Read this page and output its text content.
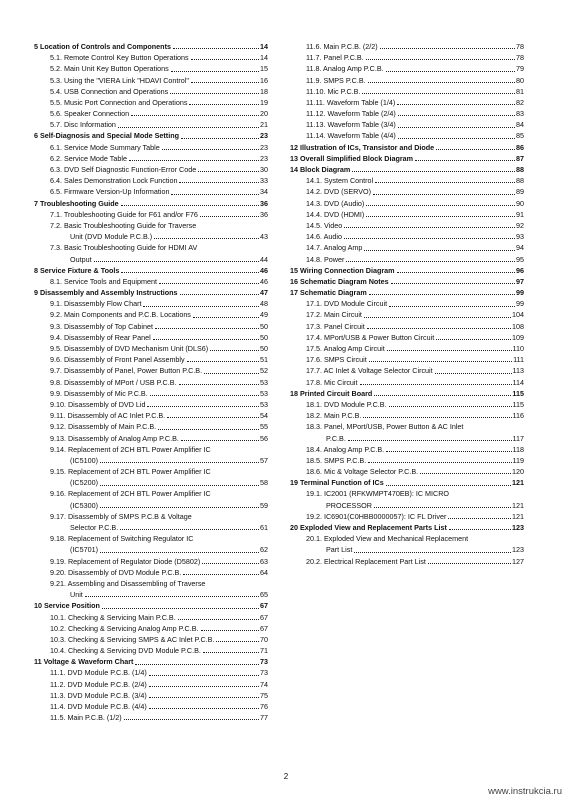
5 Location of Controls and Components	14
5.1. Remote Control Key Button Operations	14
5.2. Main Unit Key Button Operations	15
5.3. Using the "VIERA Link "HDAVI Control"	16
5.4. USB Connection and Operations	18
5.5. Music Port Connection and Operations	19
5.6. Speaker Connection	20
5.7. Disc Information	21
6 Self-Diagnosis and Special Mode Setting	23
6.1. Service Mode Summary Table	23
6.2. Service Mode Table	23
6.3. DVD Self Diagnostic Function-Error Code	30
6.4. Sales Demonstration Lock Function	33
6.5. Firmware Version-Up Information	34
7 Troubleshooting Guide	36
7.1. Troubleshooting Guide for F61 and/or F76	36
7.2. Basic Troubleshooting Guide for Traverse
Unit (DVD Module P.C.B.)	43
7.3. Basic Troubleshooting Guide for HDMI AV
Output	44
8 Service Fixture & Tools	46
8.1. Service Tools and Equipment	46
9 Disassembly and Assembly Instructions	47
9.1. Disassembly Flow Chart	48
9.2. Main Components and P.C.B. Locations	49
9.3. Disassembly of Top Cabinet	50
9.4. Disassembly of Rear Panel	50
9.5. Disassembly of DVD Mechanism Unit (DLS6)	50
9.6. Disassembly of Front Panel Assembly	51
9.7. Disassembly of Panel, Power Button P.C.B.	52
9.8. Disassembly of MPort / USB P.C.B.	53
9.9. Disassembly of Mic P.C.B.	53
9.10. Disassembly of DVD Lid	53
9.11. Disassembly of AC Inlet P.C.B.	54
9.12. Disassembly of Main P.C.B.	55
9.13. Disassembly of Analog Amp P.C.B.	56
9.14. Replacement of 2CH BTL Power Amplifier IC
(IC5100)	57
9.15. Replacement of 2CH BTL Power Amplifier IC
(IC5200)	58
9.16. Replacement of 2CH BTL Power Amplifier IC
(IC5300)	59
9.17. Disassembly of SMPS P.C.B & Voltage
Selector P.C.B.	61
9.18. Replacement of Switching Regulator IC
(IC5701)	62
9.19. Replacement of Regulator Diode (D5802)	63
9.20. Disassembly of DVD Module P.C.B.	64
9.21. Assembling and Disassembling of Traverse
Unit	65
10 Service Position	67
10.1. Checking & Servicing Main P.C.B.	67
10.2. Checking & Servicing Analog Amp P.C.B.	67
10.3. Checking & Servicing SMPS & AC Inlet P.C.B.	70
10.4. Checking & Servicing DVD Module P.C.B.	71
11 Voltage & Waveform Chart	73
11.1. DVD Module P.C.B. (1/4)	73
11.2. DVD Module P.C.B. (2/4)	74
11.3. DVD Module P.C.B. (3/4)	75
11.4. DVD Module P.C.B. (4/4)	76
11.5. Main P.C.B. (1/2)	77
11.6. Main P.C.B. (2/2)	78
11.7. Panel P.C.B.	78
11.8. Analog Amp P.C.B.	79
11.9. SMPS P.C.B.	80
11.10. Mic P.C.B.	81
11.11. Waveform Table (1/4)	82
11.12. Waveform Table (2/4)	83
11.13. Waveform Table (3/4)	84
11.14. Waveform Table (4/4)	85
12 Illustration of ICs, Transistor and Diode	86
13 Overall Simplified Block Diagram	87
14 Block Diagram	88
14.1. System Control	88
14.2. DVD (SERVO)	89
14.3. DVD (Audio)	90
14.4. DVD (HDMI)	91
14.5. Video	92
14.6. Audio	93
14.7. Analog Amp	94
14.8. Power	95
15 Wiring Connection Diagram	96
16 Schematic Diagram Notes	97
17 Schematic Diagram	99
17.1. DVD Module Circuit	99
17.2. Main Circuit	104
17.3. Panel Circuit	108
17.4. MPort/USB & Power Button Circuit	109
17.5. Analog Amp Circuit	110
17.6. SMPS Circuit	111
17.7. AC Inlet & Voltage Selector Circuit	113
17.8. Mic Circuit	114
18 Printed Circuit Board	115
18.1. DVD Module P.C.B.	115
18.2. Main P.C.B.	116
18.3. Panel, MPort/USB, Power Button & AC Inlet
P.C.B.	117
18.4. Analog Amp P.C.B.	118
18.5. SMPS P.C.B.	119
18.6. Mic & Voltage Selector P.C.B.	120
19 Terminal Function of ICs	121
19.1. IC2001 (RFKWMPT470EB): IC MICRO
PROCESSOR	121
19.2. IC6901(C0HBB0000057): IC FL Driver	121
20 Exploded View and Replacement Parts List	123
20.1. Exploded View and Mechanical Replacement
Part List	123
20.2. Electrical Replacement Part List	127
2
www.instrukcia.ru
